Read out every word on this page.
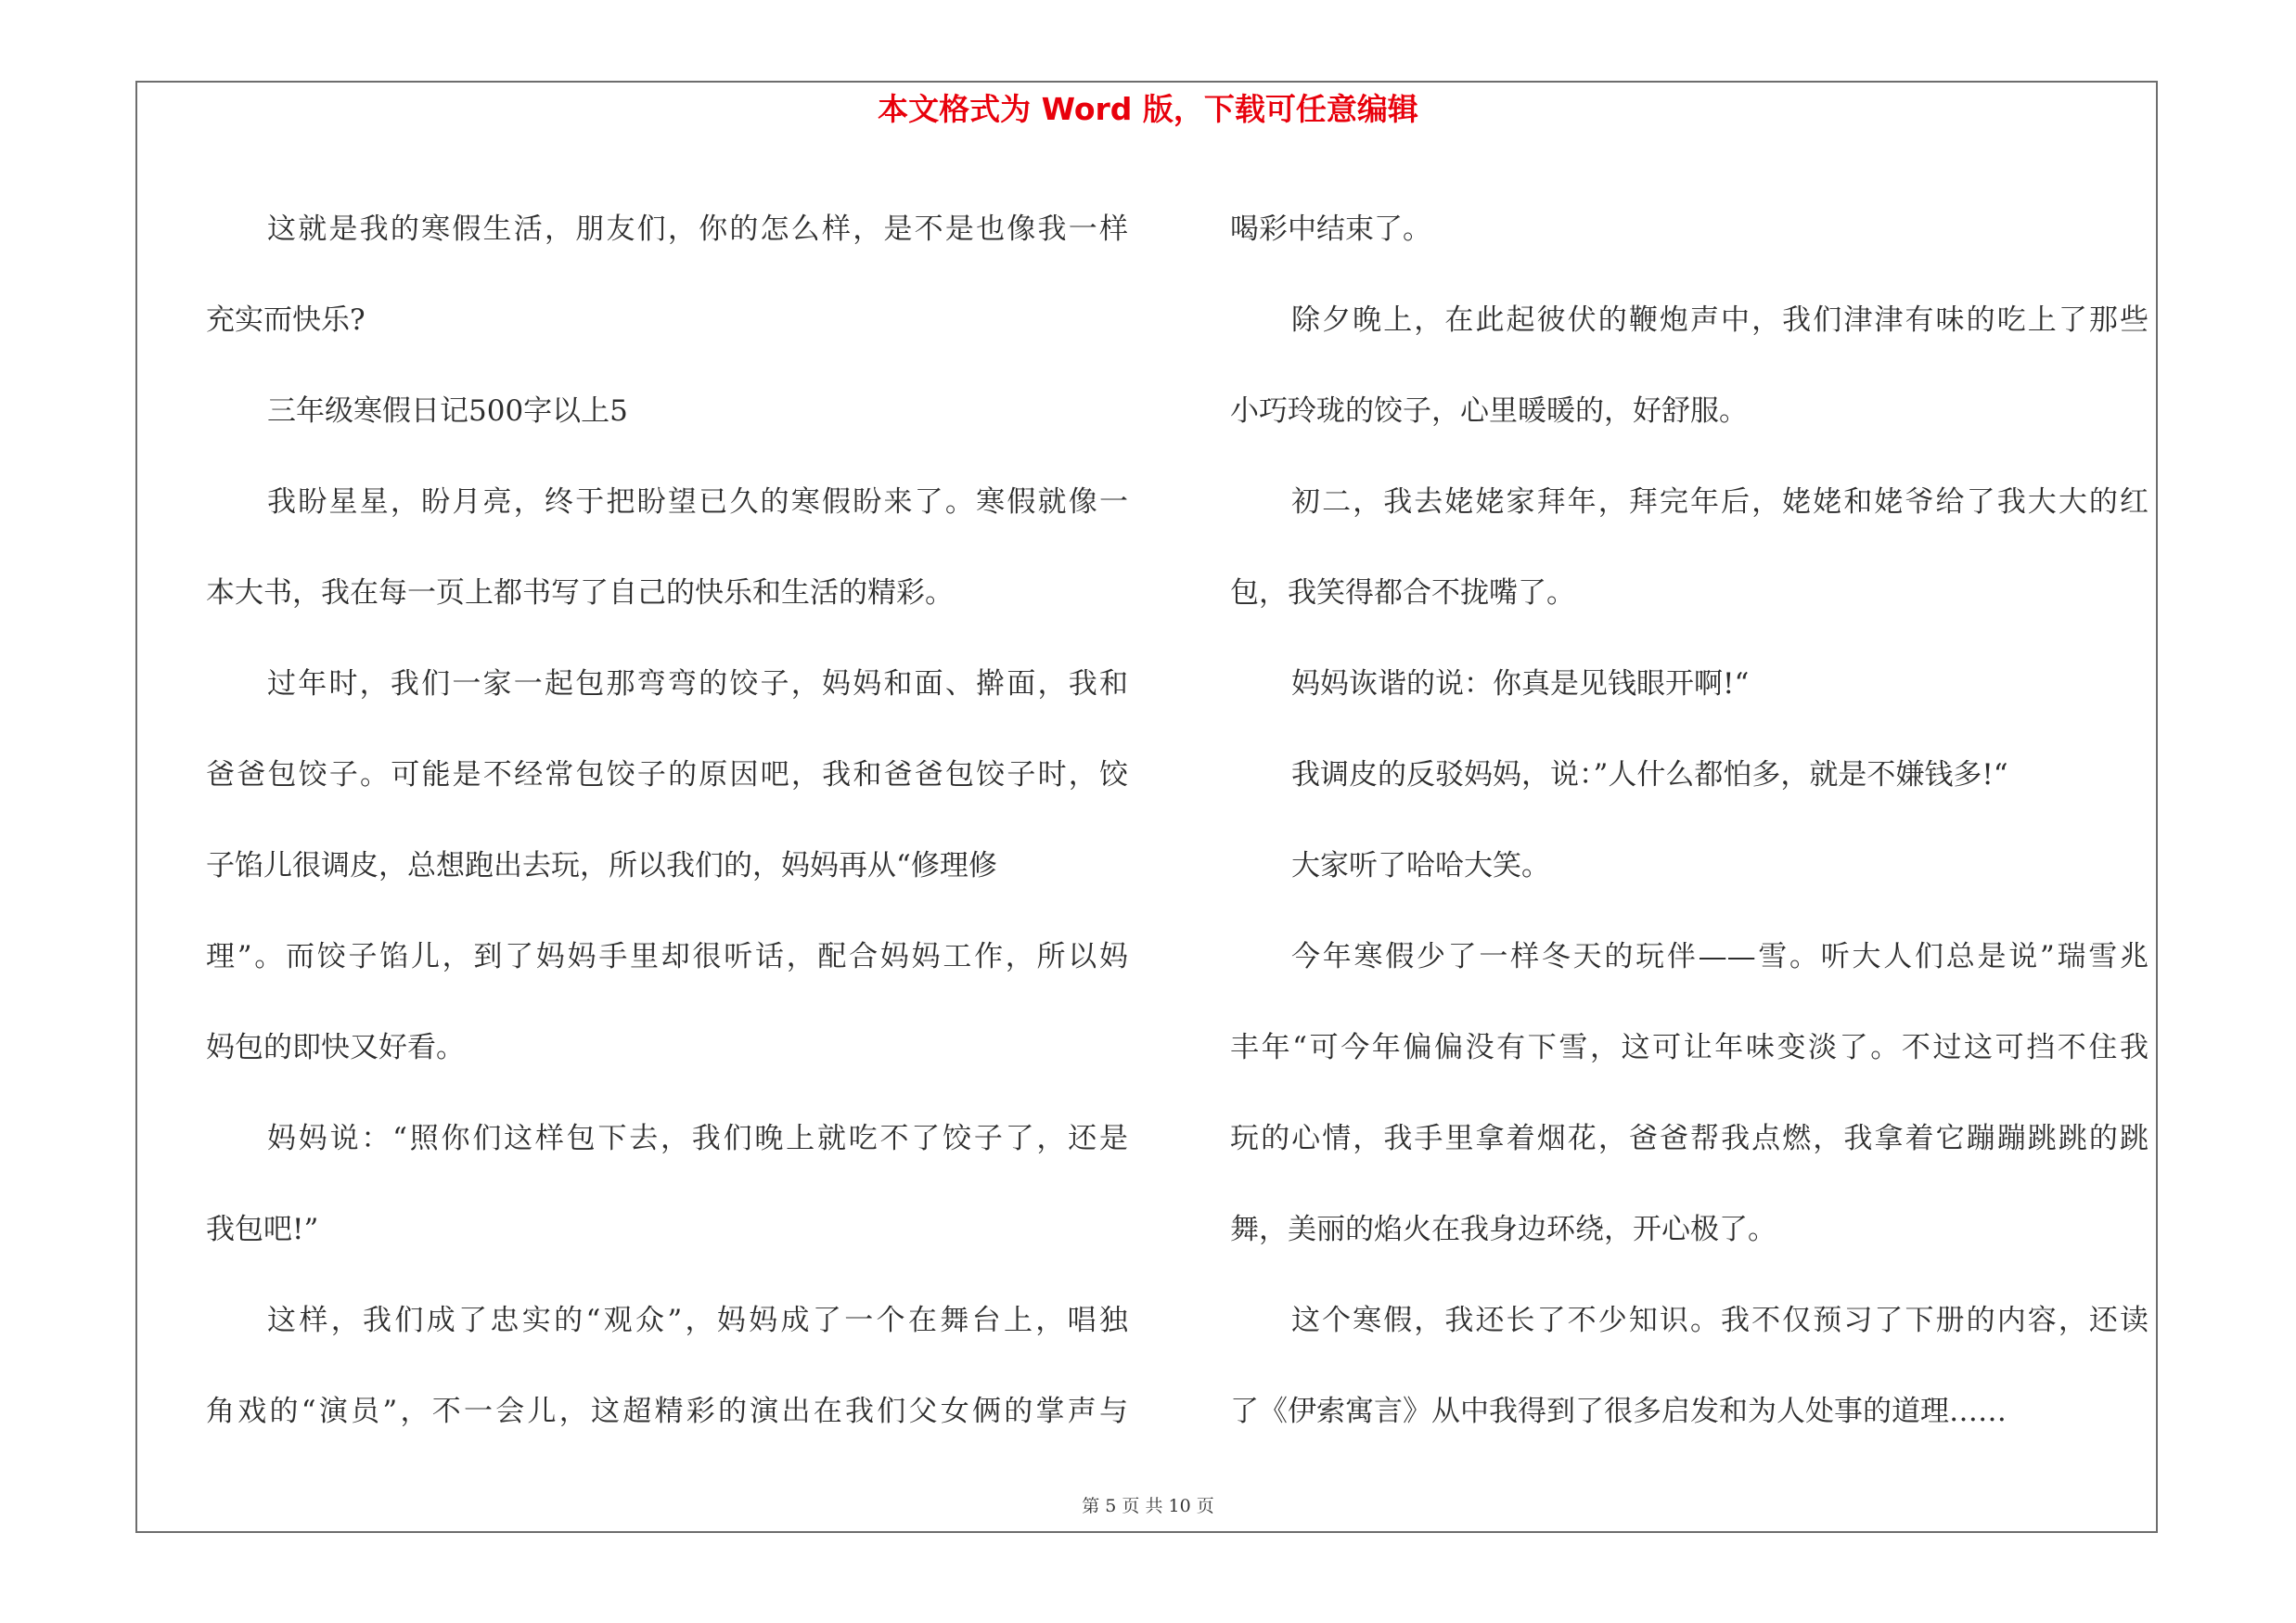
本文格式为 Word 版，下载可任意编辑
这就是我的寒假生活，朋友们，你的怎么样，是不是也像我一样
充实而快乐?
三年级寒假日记500字以上5
我盼星星，盼月亮，终于把盼望已久的寒假盼来了。寒假就像一
本大书，我在每一页上都书写了自己的快乐和生活的精彩。
过年时，我们一家一起包那弯弯的饺子，妈妈和面、擀面，我和
爸爸包饺子。可能是不经常包饺子的原因吧，我和爸爸包饺子时，饺
子馅儿很调皮，总想跑出去玩，所以我们的，妈妈再从“修理修
理”。而饺子馅儿，到了妈妈手里却很听话，配合妈妈工作，所以妈
妈包的即快又好看。
妈妈说：“照你们这样包下去，我们晚上就吃不了饺子了，还是
我包吧!”
这样，我们成了忠实的“观众”，妈妈成了一个在舞台上，唱独
角戏的“演员”，不一会儿，这超精彩的演出在我们父女俩的掌声与
喝彩中结束了。
除夕晚上，在此起彼伏的鞭炮声中，我们津津有味的吃上了那些
小巧玲珑的饺子，心里暖暖的，好舒服。
初二，我去姥姥家拜年，拜完年后，姥姥和姥爷给了我大大的红
包，我笑得都合不拢嘴了。
妈妈诙谐的说：你真是见钱眼开啊!“
我调皮的反驳妈妈，说：”人什么都怕多，就是不嫌钱多!“
大家听了哈哈大笑。
今年寒假少了一样冬天的玩伴——雪。听大人们总是说”瑞雪兆
丰年“可今年偏偏没有下雪，这可让年味变淡了。不过这可挡不住我
玩的心情，我手里拿着烟花，爸爸帮我点燃，我拿着它蹦蹦跳跳的跳
舞，美丽的焰火在我身边环绕，开心极了。
这个寒假，我还长了不少知识。我不仅预习了下册的内容，还读
了《伊索寓言》从中我得到了很多启发和为人处事的道理……
第 5 页 共 10 页
